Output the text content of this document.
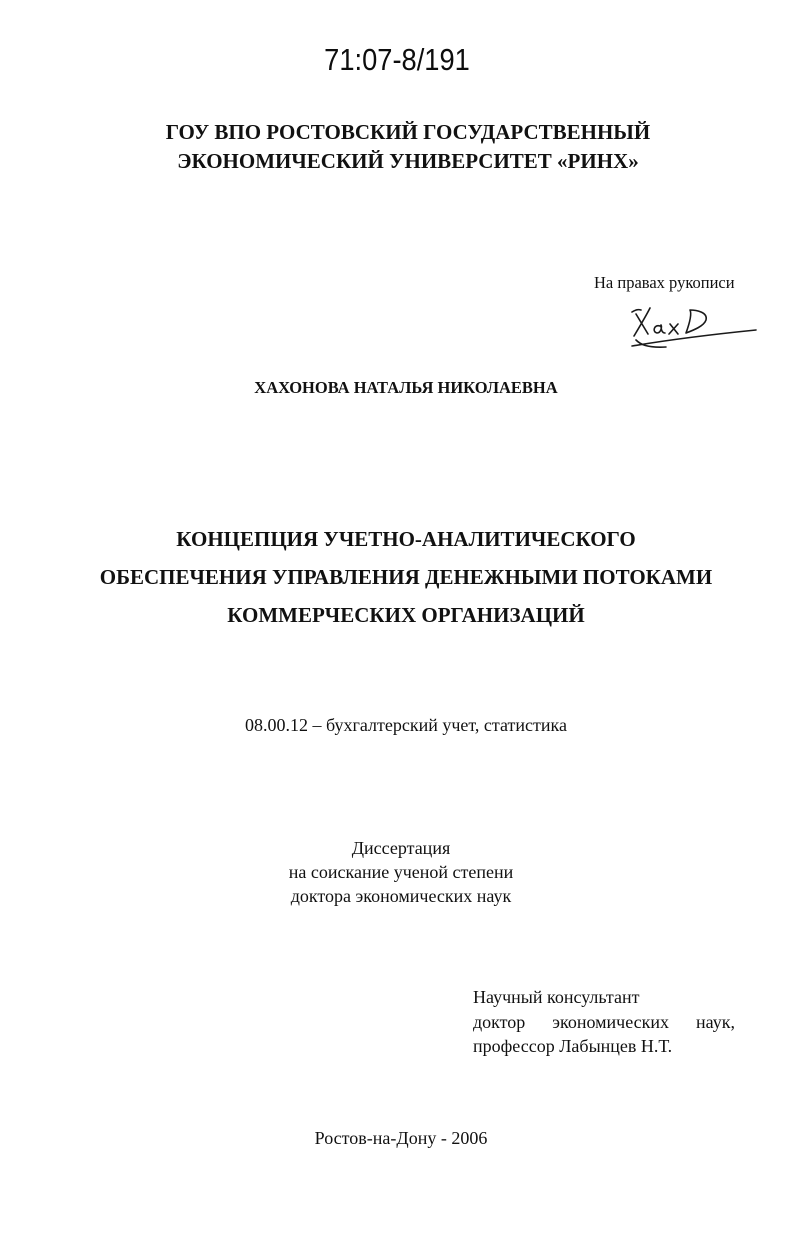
71:07-8/191
ГОУ ВПО РОСТОВСКИЙ ГОСУДАРСТВЕННЫЙ
ЭКОНОМИЧЕСКИЙ УНИВЕРСИТЕТ «РИНХ»
На правах рукописи
ХАХОНОВА НАТАЛЬЯ НИКОЛАЕВНА
КОНЦЕПЦИЯ УЧЕТНО-АНАЛИТИЧЕСКОГО
ОБЕСПЕЧЕНИЯ УПРАВЛЕНИЯ ДЕНЕЖНЫМИ ПОТОКАМИ
КОММЕРЧЕСКИХ ОРГАНИЗАЦИЙ
08.00.12 – бухгалтерский учет, статистика
Диссертация
на соискание ученой степени
доктора экономических наук
Научный консультант
доктор экономических наук,
профессор Лабынцев Н.Т.
Ростов-на-Дону - 2006
